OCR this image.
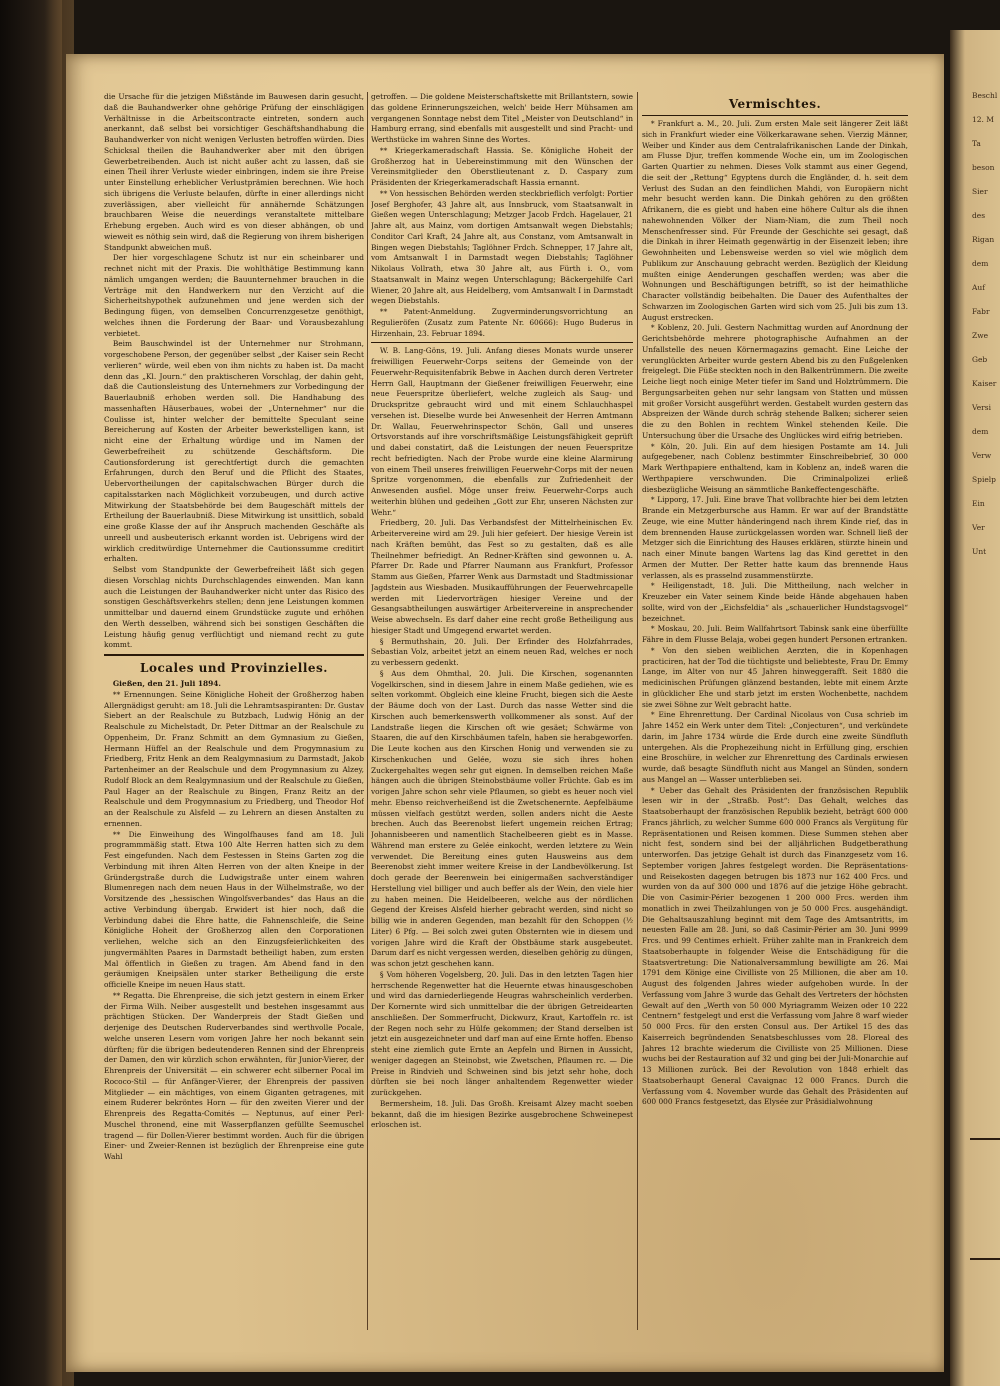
Beschl

12. M

Ta

beson

Sier

des

Rigan

dem

Auf

Fabr

Zwe

Geb

Kaiser

Versi

dem

Verw

Spielp

Ein

Ver

Unt

die Ursache für die jetzigen Mißstände im Bauwesen darin gesucht, daß die Bauhandwerker ohne gehörige Prüfung der einschlägigen Verhältnisse in die Arbeitscontracte eintreten, sondern auch anerkannt, daß selbst bei vorsichtiger Geschäftshandhabung die Bauhandwerker von nicht wenigen Verlusten betroffen würden. Dies Schicksal theilen die Bauhandwerker aber mit den übrigen Gewerbetreibenden. Auch ist nicht außer acht zu lassen, daß sie einen Theil ihrer Verluste wieder einbringen, indem sie ihre Preise unter Einstellung erheblicher Verlustprämien berechnen. Wie hoch sich übrigens die Verluste belaufen, dürfte in einer allerdings nicht zuverlässigen, aber vielleicht für annähernde Schätzungen brauchbaren Weise die neuerdings veranstaltete mittelbare Erhebung ergeben. Auch wird es von dieser abhängen, ob und wieweit es nöthig sein wird, daß die Regierung von ihrem bisherigen Standpunkt abweichen muß.

Der hier vorgeschlagene Schutz ist nur ein scheinbarer und rechnet nicht mit der Praxis. Die wohlthätige Bestimmung kann nämlich umgangen werden; die Bauunternehmer brauchen in die Verträge mit den Handwerkern nur den Verzicht auf die Sicherheitshypothek aufzunehmen und jene werden sich der Bedingung fügen, von demselben Concurrenzgesetze genöthigt, welches ihnen die Forderung der Baar- und Vorausbezahlung verbietet.

Beim Bauschwindel ist der Unternehmer nur Strohmann, vorgeschobene Person, der gegenüber selbst „der Kaiser sein Recht verlieren“ würde, weil eben von ihm nichts zu haben ist. Da macht denn das „Kl. Journ.“ den praktischeren Vorschlag, der dahin geht, daß die Cautionsleistung des Unternehmers zur Vorbedingung der Bauerlaubniß erhoben werden soll. Die Handhabung des massenhaften Häuserbaues, wobei der „Unternehmer“ nur die Coulisse ist, hinter welcher der bemittelte Speculant seine Bereicherung auf Kosten der Arbeiter bewerkstelligen kann, ist nicht eine der Erhaltung würdige und im Namen der Gewerbefreiheit zu schützende Geschäftsform. Die Cautionsforderung ist gerechtfertigt durch die gemachten Erfahrungen, durch den Beruf und die Pflicht des Staates, Uebervortheilungen der capitalschwachen Bürger durch die capitalsstarken nach Möglichkeit vorzubeugen, und durch active Mitwirkung der Staatsbehörde bei dem Baugeschäft mittels der Ertheilung der Bauerlaubniß. Diese Mitwirkung ist unsittlich, sobald eine große Klasse der auf ihr Anspruch machenden Geschäfte als unreell und ausbeuterisch erkannt worden ist. Uebrigens wird der wirklich creditwürdige Unternehmer die Cautionssumme creditirt erhalten.

Selbst vom Standpunkte der Gewerbefreiheit läßt sich gegen diesen Vorschlag nichts Durchschlagendes einwenden. Man kann auch die Leistungen der Bauhandwerker nicht unter das Risico des sonstigen Geschäftsverkehrs stellen; denn jene Leistungen kommen unmittelbar und dauernd einem Grundstücke zugute und erhöhen den Werth desselben, während sich bei sonstigen Geschäften die Leistung häufig genug verflüchtigt und niemand recht zu gute kommt.

Locales und Provinzielles.

Gießen, den 21. Juli 1894.

** Ernennungen. Seine Königliche Hoheit der Großherzog haben Allergnädigst geruht: am 18. Juli die Lehramtsaspiranten: Dr. Gustav Siebert an der Realschule zu Butzbach, Ludwig Hönig an der Realschule zu Michelstadt, Dr. Peter Dittmar an der Realschule zu Oppenheim, Dr. Franz Schmitt an dem Gymnasium zu Gießen, Hermann Hüffel an der Realschule und dem Progymnasium zu Friedberg, Fritz Henk an dem Realgymnasium zu Darmstadt, Jakob Partenheimer an der Realschule und dem Progymnasium zu Alzey, Rudolf Block an dem Realgymnasium und der Realschule zu Gießen, Paul Hager an der Realschule zu Bingen, Franz Reitz an der Realschule und dem Progymnasium zu Friedberg, und Theodor Hof an der Realschule zu Alsfeld — zu Lehrern an diesen Anstalten zu ernennen.

** Die Einweihung des Wingolfhauses fand am 18. Juli programmmäßig statt. Etwa 100 Alte Herren hatten sich zu dem Fest eingefunden. Nach dem Festessen in Steins Garten zog die Verbindung mit ihren Alten Herren von der alten Kneipe in der Gründergstraße durch die Ludwigstraße unter einem wahren Blumenregen nach dem neuen Haus in der Wilhelmstraße, wo der Vorsitzende des „hessischen Wingolfsverbandes“ das Haus an die active Verbindung übergab. Erwidert ist hier noch, daß die Verbindung dabei die Ehre hatte, die Fahnenschleife, die Seine Königliche Hoheit der Großherzog allen den Corporationen verliehen, welche sich an den Einzugsfeierlichkeiten des jungvermählten Paares in Darmstadt betheiligt haben, zum ersten Mal öffentlich in Gießen zu tragen. Am Abend fand in den geräumigen Kneipsälen unter starker Betheiligung die erste officielle Kneipe im neuen Haus statt.

** Regatta. Die Ehrenpreise, die sich jetzt gestern in einem Erker der Firma Wilh. Neiber ausgestellt und bestehen insgesammt aus prächtigen Stücken. Der Wanderpreis der Stadt Gießen und derjenige des Deutschen Ruderverbandes sind werthvolle Pocale, welche unseren Lesern vom vorigen Jahre her noch bekannt sein dürften; für die übrigen bedeutenderen Rennen sind der Ehrenpreis der Damen, den wir kürzlich schon erwähnten, für Junior-Vierer, der Ehrenpreis der Universität — ein schwerer echt silberner Pocal im Rococo-Stil — für Anfänger-Vierer, der Ehrenpreis der passiven Mitglieder — ein mächtiges, von einem Giganten getragenes, mit einem Ruderer bekröntes Horn — für den zweiten Vierer und der Ehrenpreis des Regatta-Comités — Neptunus, auf einer Perl-Muschel thronend, eine mit Wasserpflanzen gefüllte Seemuschel tragend — für Dollen-Vierer bestimmt worden. Auch für die übrigen Einer- und Zweier-Rennen ist bezüglich der Ehrenpreise eine gute Wahl

getroffen. — Die goldene Meisterschaftskette mit Brillantstern, sowie das goldene Erinnerungszeichen, welch' beide Herr Mühsamen am vergangenen Sonntage nebst dem Titel „Meister von Deutschland“ in Hamburg errang, sind ebenfalls mit ausgestellt und sind Pracht- und Werthstücke im wahren Sinne des Wortes.

** Kriegerkameradschaft Hassia. Se. Königliche Hoheit der Großherzog hat in Uebereinstimmung mit den Wünschen der Vereinsmitglieder den Oberstlieutenant z. D. Caspary zum Präsidenten der Kriegerkameradschaft Hassia ernannt.

** Von hessischen Behörden werden steckbrieflich verfolgt: Portier Josef Berghofer, 43 Jahre alt, aus Innsbruck, vom Staatsanwalt in Gießen wegen Unterschlagung; Metzger Jacob Frdch. Hagelauer, 21 Jahre alt, aus Mainz, vom dortigen Amtsanwalt wegen Diebstahls; Conditor Carl Kraft, 24 Jahre alt, aus Constanz, vom Amtsanwalt in Bingen wegen Diebstahls; Taglöhner Frdch. Schnepper, 17 Jahre alt, vom Amtsanwalt I in Darmstadt wegen Diebstahls; Taglöhner Nikolaus Vollrath, etwa 30 Jahre alt, aus Fürth i. O., vom Staatsanwalt in Mainz wegen Unterschlagung; Bäckergehilfe Carl Wiener, 20 Jahre alt, aus Heidelberg, vom Amtsanwalt I in Darmstadt wegen Diebstahls.

** Patent-Anmeldung. Zugverminderungsvorrichtung an Regulieröfen (Zusatz zum Patente Nr. 60666): Hugo Buderus in Hirzenhain, 23. Februar 1894.

W. B. Lang-Göns, 19. Juli. Anfang dieses Monats wurde unserer freiwilligen Feuerwehr-Corps seitens der Gemeinde von der Feuerwehr-Requisitenfabrik Bebwe in Aachen durch deren Vertreter Herrn Gall, Hauptmann der Gießener freiwilligen Feuerwehr, eine neue Feuerspritze überliefert, welche zugleich als Saug- und Druckspritze gebraucht wird und mit einem Schlauchhaspel versehen ist. Dieselbe wurde bei Anwesenheit der Herren Amtmann Dr. Wallau, Feuerwehrinspector Schön, Gall und unseres Ortsvorstands auf ihre vorschriftsmäßige Leistungsfähigkeit geprüft und dabei constatirt, daß die Leistungen der neuen Feuerspritze recht befriedigten. Nach der Probe wurde eine kleine Alarmirung von einem Theil unseres freiwilligen Feuerwehr-Corps mit der neuen Spritze vorgenommen, die ebenfalls zur Zufriedenheit der Anwesenden ausfiel. Möge unser freiw. Feuerwehr-Corps auch weiterhin blühen und gedeihen „Gott zur Ehr, unseren Nächsten zur Wehr.“

Friedberg, 20. Juli. Das Verbandsfest der Mittelrheinischen Ev. Arbeitervereine wird am 29. Juli hier gefeiert. Der hiesige Verein ist nach Kräften bemüht, das Fest so zu gestalten, daß es alle Theilnehmer befriedigt. An Redner-Kräften sind gewonnen u. A. Pfarrer Dr. Rade und Pfarrer Naumann aus Frankfurt, Professor Stamm aus Gießen, Pfarrer Wenk aus Darmstadt und Stadtmissionar Jagdstein aus Wiesbaden. Musikaufführungen der Feuerwehrcapelle werden mit Liedervorträgen hiesiger Vereine und der Gesangsabtheilungen auswärtiger Arbeitervereine in ansprechender Weise abwechseln. Es darf daher eine recht große Betheiligung aus hiesiger Stadt und Umgegend erwartet werden.

§ Bermuthshain, 20. Juli. Der Erfinder des Holzfahrrades, Sebastian Volz, arbeitet jetzt an einem neuen Rad, welches er noch zu verbessern gedenkt.

§ Aus dem Ohmthal, 20. Juli. Die Kirschen, sogenannten Vogelkirschen, sind in diesem Jahre in einem Maße gediehen, wie es selten vorkommt. Obgleich eine kleine Frucht, biegen sich die Aeste der Bäume doch von der Last. Durch das nasse Wetter sind die Kirschen auch bemerkenswerth vollkommener als sonst. Auf der Landstraße liegen die Kirschen oft wie gesäet; Schwärme von Staaren, die auf den Kirschbäumen tafeln, haben sie herabgeworfen. Die Leute kochen aus den Kirschen Honig und verwenden sie zu Kirschenkuchen und Gelée, wozu sie sich ihres hohen Zuckergehaltes wegen sehr gut eignen. In demselben reichen Maße hängen auch die übrigen Steinobstbäume voller Früchte. Gab es im vorigen Jahre schon sehr viele Pflaumen, so giebt es heuer noch viel mehr. Ebenso reichverheißend ist die Zwetschenernte. Aepfelbäume müssen vielfach gestützt werden, sollen anders nicht die Aeste brechen. Auch das Beerenobst liefert ungemein reichen Ertrag; Johannisbeeren und namentlich Stachelbeeren giebt es in Masse. Während man erstere zu Gelée einkocht, werden letztere zu Wein verwendet. Die Bereitung eines guten Hausweins aus dem Beerenobst zieht immer weitere Kreise in der Landbevölkerung. Ist doch gerade der Beerenwein bei einigermaßen sachverständiger Herstellung viel billiger und auch beffer als der Wein, den viele hier zu haben meinen. Die Heidelbeeren, welche aus der nördlichen Gegend der Kreises Alsfeld hierher gebracht werden, sind nicht so billig wie in anderen Gegenden, man bezahlt für den Schoppen (½ Liter) 6 Pfg. — Bei solch zwei guten Obsternten wie in diesem und vorigen Jahre wird die Kraft der Obstbäume stark ausgebeutet. Darum darf es nicht vergessen werden, dieselben gehörig zu düngen, was schon jetzt geschehen kann.

§ Vom höheren Vogelsberg, 20. Juli. Das in den letzten Tagen hier herrschende Regenwetter hat die Heuernte etwas hinausgeschoben und wird das darniederliegende Heugras wahrscheinlich verderben. Der Kornernte wird sich unmittelbar die der übrigen Getreidearten anschließen. Der Sommerfrucht, Dickwurz, Kraut, Kartoffeln rc. ist der Regen noch sehr zu Hülfe gekommen; der Stand derselben ist jetzt ein ausgezeichneter und darf man auf eine Ernte hoffen. Ebenso steht eine ziemlich gute Ernte an Aepfeln und Birnen in Aussicht, weniger dagegen an Steinobst, wie Zwetschen, Pflaumen rc. — Die Preise in Rindvieh und Schweinen sind bis jetzt sehr hohe, doch dürften sie bei noch länger anhaltendem Regenwetter wieder zurückgehen.

Bermersheim, 18. Juli. Das Großh. Kreisamt Alzey macht soeben bekannt, daß die im hiesigen Bezirke ausgebrochene Schweinepest erloschen ist.

Vermischtes.

* Frankfurt a. M., 20. Juli. Zum ersten Male seit längerer Zeit läßt sich in Frankfurt wieder eine Völkerkarawane sehen. Vierzig Männer, Weiber und Kinder aus dem Centralafrikanischen Lande der Dinkah, am Flusse Djur, treffen kommende Woche ein, um im Zoologischen Garten Quartier zu nehmen. Dieses Volk stammt aus einer Gegend, die seit der „Rettung“ Egyptens durch die Engländer, d. h. seit dem Verlust des Sudan an den feindlichen Mahdi, von Europäern nicht mehr besucht werden kann. Die Dinkah gehören zu den größten Afrikanern, die es giebt und haben eine höhere Cultur als die ihnen nahewohnenden Völker der Niam-Niam, die zum Theil noch Menschenfresser sind. Für Freunde der Geschichte sei gesagt, daß die Dinkah in ihrer Heimath gegenwärtig in der Eisenzeit leben; ihre Gewohnheiten und Lebensweise werden so viel wie möglich dem Publikum zur Anschauung gebracht werden. Bezüglich der Kleidung mußten einige Aenderungen geschaffen werden; was aber die Wohnungen und Beschäftigungen betrifft, so ist der heimathliche Character vollständig beibehalten. Die Dauer des Aufenthaltes der Schwarzen im Zoologischen Garten wird sich vom 25. Juli bis zum 13. August erstrecken.

* Koblenz, 20. Juli. Gestern Nachmittag wurden auf Anordnung der Gerichtsbehörde mehrere photographische Aufnahmen an der Unfallstelle des neuen Körnermagazins gemacht. Eine Leiche der verunglückten Arbeiter wurde gestern Abend bis zu den Fußgelenken freigelegt. Die Füße steckten noch in den Balkentrümmern. Die zweite Leiche liegt noch einige Meter tiefer im Sand und Holztrümmern. Die Bergungsarbeiten gehen nur sehr langsam von Statten und müssen mit großer Vorsicht ausgeführt werden. Gestabelt wurden gestern das Abspreizen der Wände durch schräg stehende Balken; sicherer seien die zu den Bohlen in rechtem Winkel stehenden Keile. Die Untersuchung über die Ursache des Unglückes wird eifrig betrieben.

* Köln, 20. Juli. Ein auf dem hiesigen Postamte am 14. Juli aufgegebener, nach Coblenz bestimmter Einschreibebrief, 30 000 Mark Werthpapiere enthaltend, kam in Koblenz an, indeß waren die Werthpapiere verschwunden. Die Criminalpolizei erließ diesbezügliche Weisung an sämmtliche Bankeffectengeschäfte.

* Lipporg, 17. Juli. Eine brave That vollbrachte hier bei dem letzten Brande ein Metzgerbursche aus Hamm. Er war auf der Brandstätte Zeuge, wie eine Mutter händeringend nach ihrem Kinde rief, das in dem brennenden Hause zurückgelassen worden war. Schnell ließ der Metzger sich die Einrichtung des Hauses erklären, stürzte hinein und nach einer Minute bangen Wartens lag das Kind gerettet in den Armen der Mutter. Der Retter hatte kaum das brennende Haus verlassen, als es prasselnd zusammenstürzte.

* Heiligenstadt, 18. Juli. Die Mittheilung, nach welcher in Kreuzeber ein Vater seinem Kinde beide Hände abgehauen haben sollte, wird von der „Eichsfeldia“ als „schauerlicher Hundstagsvogel“ bezeichnet.

* Moskau, 20. Juli. Beim Wallfahrtsort Tabinsk sank eine überfüllte Fähre in dem Flusse Belaja, wobei gegen hundert Personen ertranken.

* Von den sieben weiblichen Aerzten, die in Kopenhagen practiciren, hat der Tod die tüchtigste und beliebteste, Frau Dr. Emmy Lange, im Alter von nur 45 Jahren hinweggerafft. Seit 1880 die medicinischen Prüfungen glänzend bestanden, lebte mit einem Arzte in glücklicher Ehe und starb jetzt im ersten Wochenbette, nachdem sie zwei Söhne zur Welt gebracht hatte.

* Eine Ehrenrettung. Der Cardinal Nicolaus von Cusa schrieb im Jahre 1452 ein Werk unter dem Titel: „Conjecturen“, und verkündete darin, im Jahre 1734 würde die Erde durch eine zweite Sündfluth untergehen. Als die Prophezeihung nicht in Erfüllung ging, erschien eine Broschüre, in welcher zur Ehrenrettung des Cardinals erwiesen wurde, daß besagte Sündfluth nicht aus Mangel an Sünden, sondern aus Mangel an — Wasser unterblieben sei.

* Ueber das Gehalt des Präsidenten der französischen Republik lesen wir in der „Straßb. Post“: Das Gehalt, welches das Staatsoberhaupt der französischen Republik bezieht, beträgt 600 000 Francs jährlich, zu welcher Summe 600 000 Francs als Vergütung für Repräsentationen und Reisen kommen. Diese Summen stehen aber nicht fest, sondern sind bei der alljährlichen Budgetberathung unterworfen. Das jetzige Gehalt ist durch das Finanzgesetz vom 16. September vorigen Jahres festgelegt worden. Die Repräsentations- und Reisekosten dagegen betrugen bis 1873 nur 162 400 Frcs. und wurden von da auf 300 000 und 1876 auf die jetzige Höhe gebracht. Die von Casimir-Périer bezogenen 1 200 000 Frcs. werden ihm monatlich in zwei Theilzahlungen von je 50 000 Frcs. ausgehändigt. Die Gehaltsauszahlung beginnt mit dem Tage des Amtsantritts, im neuesten Falle am 28. Juni, so daß Casimir-Périer am 30. Juni 9999 Frcs. und 99 Centimes erhielt. Früher zahlte man in Frankreich dem Staatsoberhaupte in folgender Weise die Entschädigung für die Staatsvertretung: Die Nationalversammlung bewilligte am 26. Mai 1791 dem Könige eine Civilliste von 25 Millionen, die aber am 10. August des folgenden Jahres wieder aufgehoben wurde. In der Verfassung vom Jahre 3 wurde das Gehalt des Vertreters der höchsten Gewalt auf den „Werth von 50 000 Myriagramm Weizen oder 10 222 Centnern“ festgelegt und erst die Verfassung vom Jahre 8 warf wieder 50 000 Frcs. für den ersten Consul aus. Der Artikel 15 des das Kaiserreich begründenden Senatsbeschlusses vom 28. Floreal des Jahres 12 brachte wiederum die Civilliste von 25 Millionen. Diese wuchs bei der Restauration auf 32 und ging bei der Juli-Monarchie auf 13 Millionen zurück. Bei der Revolution von 1848 erhielt das Staatsoberhaupt General Cavaignac 12 000 Francs. Durch die Verfassung vom 4. November wurde das Gehalt des Präsidenten auf 600 000 Francs festgesetzt, das Elysée zur Präsidialwohnung
